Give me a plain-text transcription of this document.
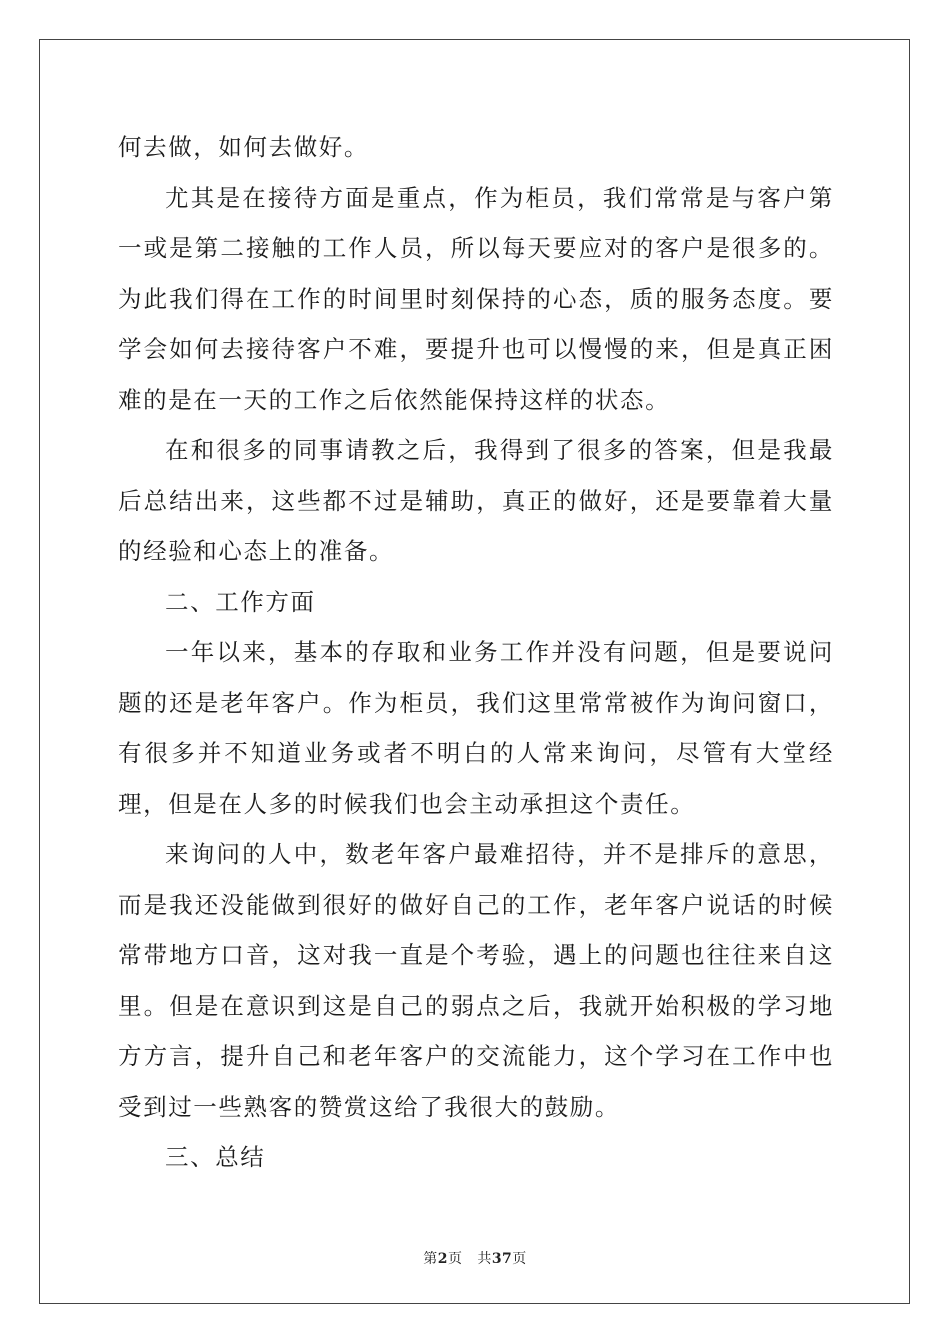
何去做，如何去做好。

尤其是在接待方面是重点，作为柜员，我们常常是与客户第一或是第二接触的工作人员，所以每天要应对的客户是很多的。为此我们得在工作的时间里时刻保持的心态，质的服务态度。要学会如何去接待客户不难，要提升也可以慢慢的来，但是真正困难的是在一天的工作之后依然能保持这样的状态。

在和很多的同事请教之后，我得到了很多的答案，但是我最后总结出来，这些都不过是辅助，真正的做好，还是要靠着大量的经验和心态上的准备。

二、工作方面

一年以来，基本的存取和业务工作并没有问题，但是要说问题的还是老年客户。作为柜员，我们这里常常被作为询问窗口，有很多并不知道业务或者不明白的人常来询问，尽管有大堂经理，但是在人多的时候我们也会主动承担这个责任。

来询问的人中，数老年客户最难招待，并不是排斥的意思，而是我还没能做到很好的做好自己的工作，老年客户说话的时候常带地方口音，这对我一直是个考验，遇上的问题也往往来自这里。但是在意识到这是自己的弱点之后，我就开始积极的学习地方方言，提升自己和老年客户的交流能力，这个学习在工作中也受到过一些熟客的赞赏这给了我很大的鼓励。

三、总结

第2页 共37页
